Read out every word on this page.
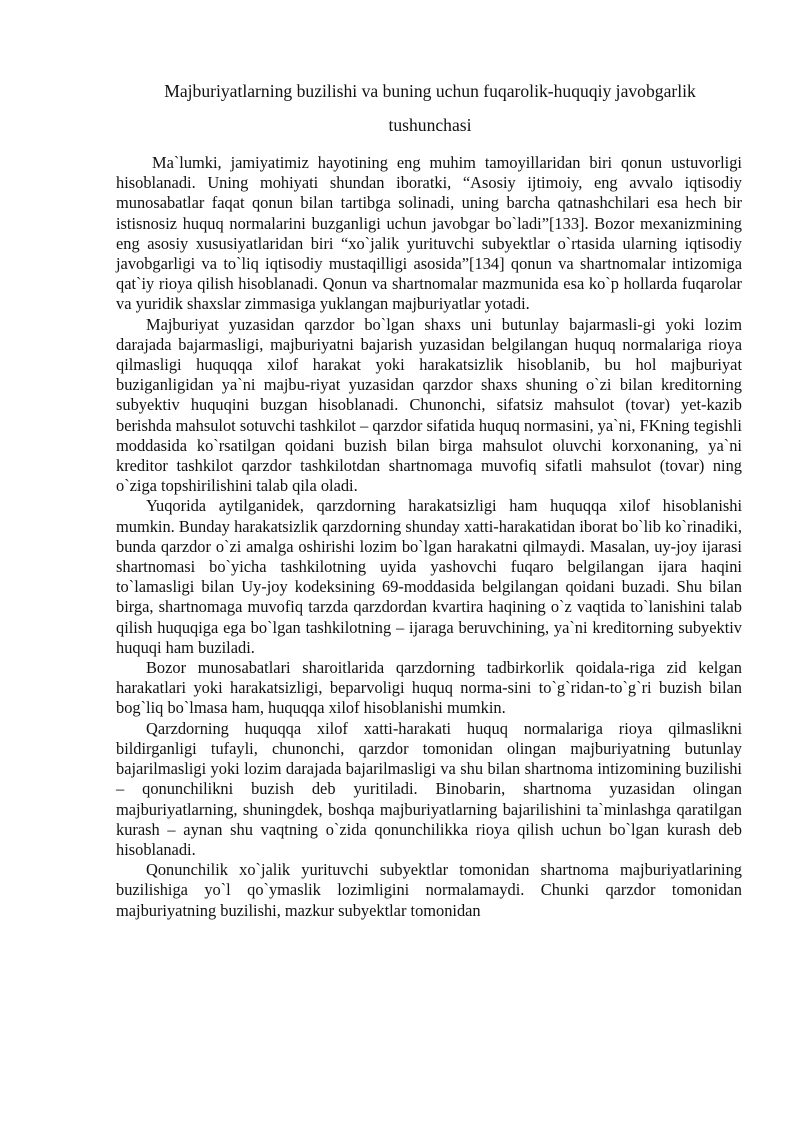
Majburiyatlarning buzilishi va buning uchun fuqarolik-huquqiy javobgarlik
tushunchasi

Ma`lumki, jamiyatimiz hayotining eng muhim tamoyillaridan biri qonun ustuvorligi hisoblanadi. Uning mohiyati shundan iboratki, “Asosiy ijtimoiy, eng avvalo iqtisodiy munosabatlar faqat qonun bilan tartibga solinadi, uning barcha qatnashchilari esa hech bir istisnosiz huquq normalarini buzganligi uchun javobgar bo`ladi”[133]. Bozor mexanizmining eng asosiy xususiyatlaridan biri “xo`jalik yurituvchi subyektlar o`rtasida ularning iqtisodiy javobgarligi va to`liq iqtisodiy mustaqilligi asosida”[134] qonun va shartnomalar intizomiga qat`iy rioya qilish hisoblanadi. Qonun va shartnomalar mazmunida esa ko`p hollarda fuqarolar va yuridik shaxslar zimmasiga yuklangan majburiyatlar yotadi.

Majburiyat yuzasidan qarzdor bo`lgan shaxs uni butunlay bajarmasli-gi yoki lozim darajada bajarmasligi, majburiyatni bajarish yuzasidan belgilangan huquq normalariga rioya qilmasligi huquqqa xilof harakat yoki harakatsizlik hisoblanib, bu hol majburiyat buziganligidan ya`ni majbu-riyat yuzasidan qarzdor shaxs shuning o`zi bilan kreditorning subyektiv huquqini buzgan hisoblanadi. Chunonchi, sifatsiz mahsulot (tovar) yet-kazib berishda mahsulot sotuvchi tashkilot – qarzdor sifatida huquq normasini, ya`ni, FKning tegishli moddasida ko`rsatilgan qoidani buzish bilan birga mahsulot oluvchi korxonaning, ya`ni kreditor tashkilot qarzdor tashkilotdan shartnomaga muvofiq sifatli mahsulot (tovar) ning o`ziga topshirilishini talab qila oladi.

Yuqorida aytilganidek, qarzdorning harakatsizligi ham huquqqa xilof hisoblanishi mumkin. Bunday harakatsizlik qarzdorning shunday xatti-harakatidan iborat bo`lib ko`rinadiki, bunda qarzdor o`zi amalga oshirishi lozim bo`lgan harakatni qilmaydi. Masalan, uy-joy ijarasi shartnomasi bo`yicha tashkilotning uyida yashovchi fuqaro belgilangan ijara haqini to`lamasligi bilan Uy-joy kodeksining 69-moddasida belgilangan qoidani buzadi. Shu bilan birga, shartnomaga muvofiq tarzda qarzdordan kvartira haqining o`z vaqtida to`lanishini talab qilish huquqiga ega bo`lgan tashkilotning – ijaraga beruvchining, ya`ni kreditorning subyektiv huquqi ham buziladi.

Bozor munosabatlari sharoitlarida qarzdorning tadbirkorlik qoidala-riga zid kelgan harakatlari yoki harakatsizligi, beparvoligi huquq norma-sini to`g`ridan-to`g`ri buzish bilan bog`liq bo`lmasa ham, huquqqa xilof hisoblanishi mumkin.

Qarzdorning huquqqa xilof xatti-harakati huquq normalariga rioya qilmaslikni bildirganligi tufayli, chunonchi, qarzdor tomonidan olingan majburiyatning butunlay bajarilmasligi yoki lozim darajada bajarilmasligi va shu bilan shartnoma intizomining buzilishi – qonunchilikni buzish deb yuritiladi. Binobarin, shartnoma yuzasidan olingan majburiyatlarning, shuningdek, boshqa majburiyatlarning bajarilishini ta`minlashga qaratilgan kurash – aynan shu vaqtning o`zida qonunchilikka rioya qilish uchun bo`lgan kurash deb hisoblanadi.

Qonunchilik xo`jalik yurituvchi subyektlar tomonidan shartnoma majburiyatlarining buzilishiga yo`l qo`ymaslik lozimligini normalamaydi. Chunki qarzdor tomonidan majburiyatning buzilishi, mazkur subyektlar tomonidan
